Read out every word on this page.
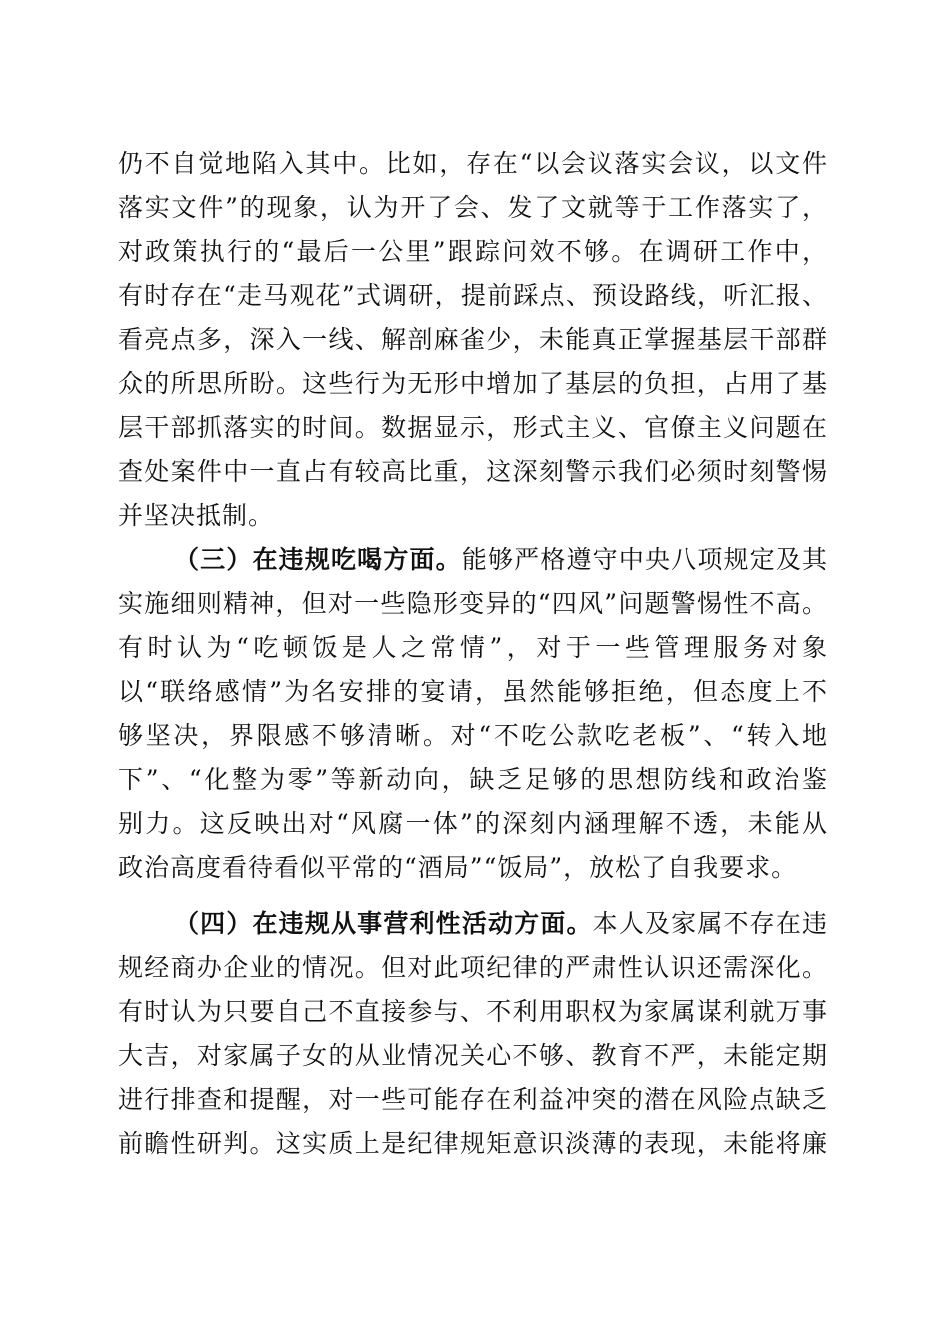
仍不自觉地陷入其中。比如，存在“以会议落实会议，以文件
落实文件”的现象，认为开了会、发了文就等于工作落实了，
对政策执行的“最后一公里”跟踪问效不够。在调研工作中，
有时存在“走马观花”式调研，提前踩点、预设路线，听汇报、
看亮点多，深入一线、解剖麻雀少，未能真正掌握基层干部群
众的所思所盼。这些行为无形中增加了基层的负担，占用了基
层干部抓落实的时间。数据显示，形式主义、官僚主义问题在
查处案件中一直占有较高比重，这深刻警示我们必须时刻警惕
并坚决抵制。
（三）在违规吃喝方面。能够严格遵守中央八项规定及其
实施细则精神，但对一些隐形变异的“四风”问题警惕性不高。
有时认为“吃顿饭是人之常情”，对于一些管理服务对象
以“联络感情”为名安排的宴请，虽然能够拒绝，但态度上不
够坚决，界限感不够清晰。对“不吃公款吃老板”、“转入地
下”、“化整为零”等新动向，缺乏足够的思想防线和政治鉴
别力。这反映出对“风腐一体”的深刻内涵理解不透，未能从
政治高度看待看似平常的“酒局”“饭局”，放松了自我要求。
（四）在违规从事营利性活动方面。本人及家属不存在违
规经商办企业的情况。但对此项纪律的严肃性认识还需深化。
有时认为只要自己不直接参与、不利用职权为家属谋利就万事
大吉，对家属子女的从业情况关心不够、教育不严，未能定期
进行排查和提醒，对一些可能存在利益冲突的潜在风险点缺乏
前瞻性研判。这实质上是纪律规矩意识淡薄的表现，未能将廉
